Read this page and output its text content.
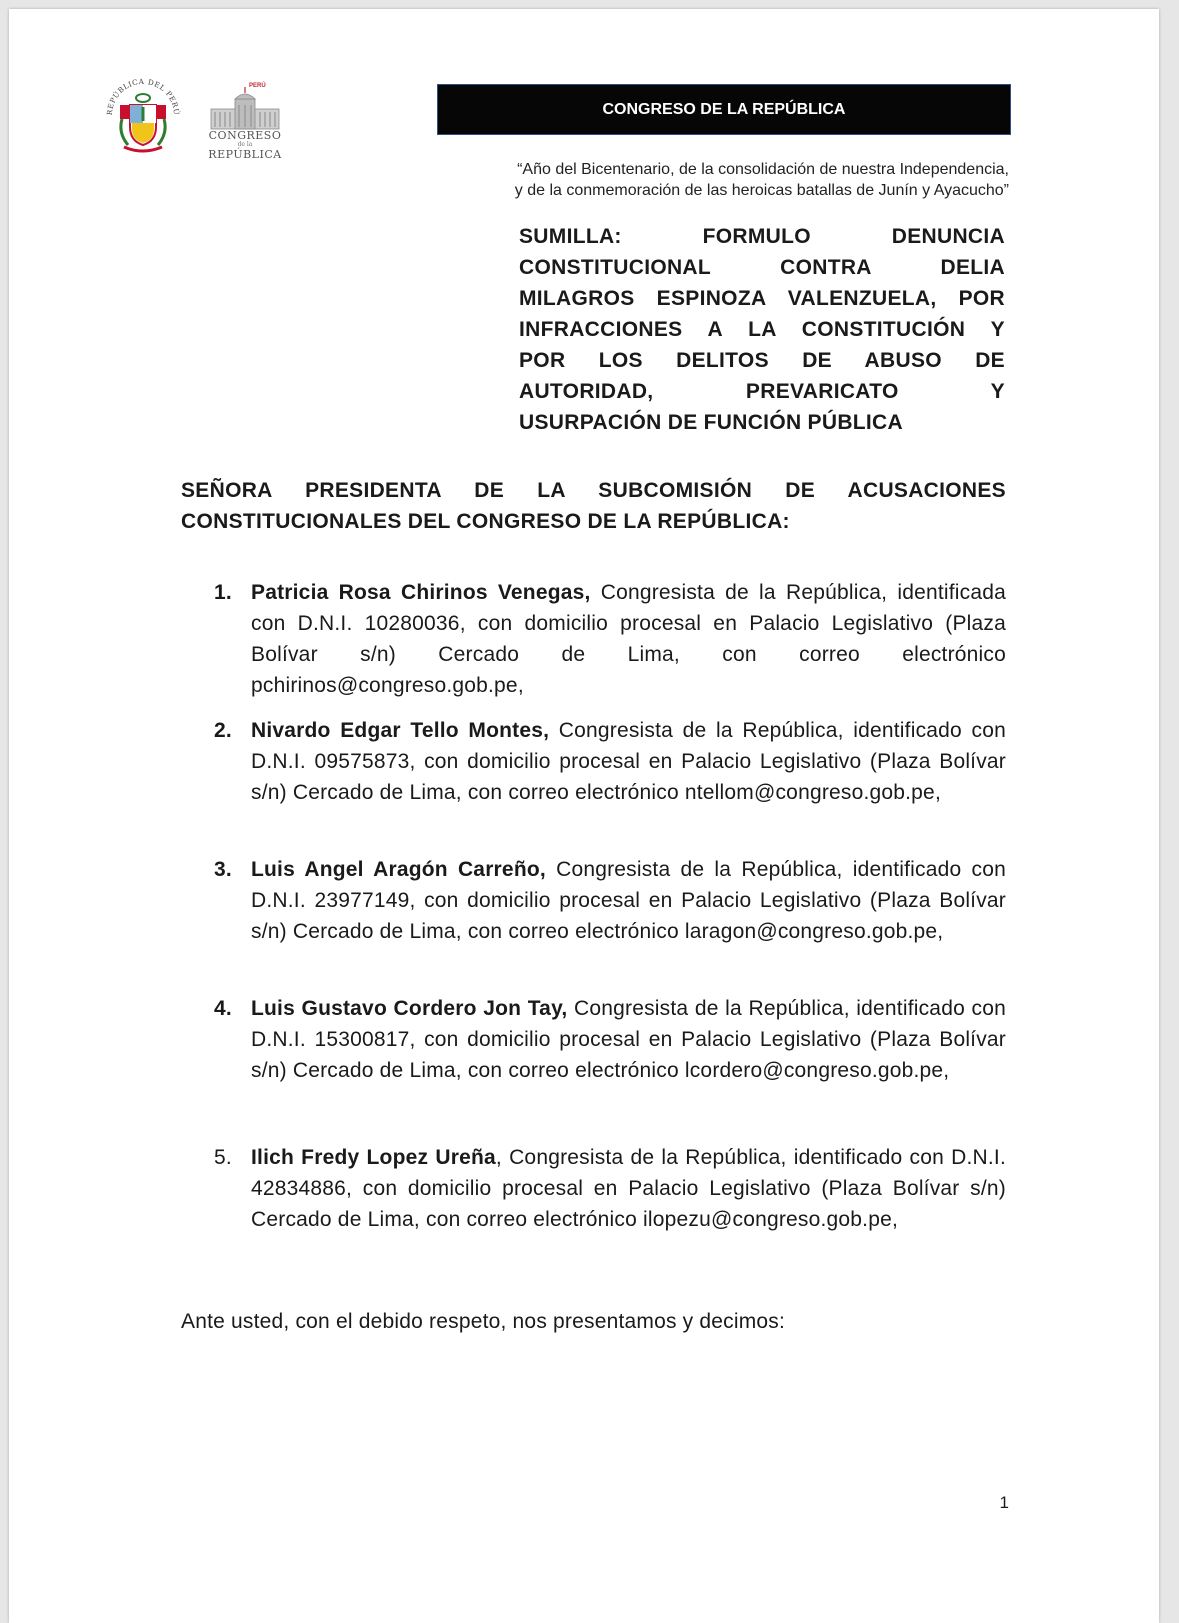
REPÚBLICA DEL PERÚ
PERÚ
CONGRESO
de la
REPÚBLICA
CONGRESO DE LA REPÚBLICA
“Año del Bicentenario, de la consolidación de nuestra Independencia,
y de la conmemoración de las heroicas batallas de Junín y Ayacucho”
SUMILLA: FORMULO DENUNCIA
CONSTITUCIONAL CONTRA DELIA
MILAGROS ESPINOZA VALENZUELA, POR
INFRACCIONES A LA CONSTITUCIÓN Y
POR LOS DELITOS DE ABUSO DE
AUTORIDAD, PREVARICATO Y
USURPACIÓN DE FUNCIÓN PÚBLICA
SEÑORA PRESIDENTA DE LA SUBCOMISIÓN DE ACUSACIONES
CONSTITUCIONALES DEL CONGRESO DE LA REPÚBLICA:
1. Patricia Rosa Chirinos Venegas, Congresista de la República, identificada con D.N.I. 10280036, con domicilio procesal en Palacio Legislativo (Plaza Bolívar s/n) Cercado de Lima, con correo electrónico pchirinos@congreso.gob.pe,
2. Nivardo Edgar Tello Montes, Congresista de la República, identificado con D.N.I. 09575873, con domicilio procesal en Palacio Legislativo (Plaza Bolívar s/n) Cercado de Lima, con correo electrónico ntellom@congreso.gob.pe,
3. Luis Angel Aragón Carreño, Congresista de la República, identificado con D.N.I. 23977149, con domicilio procesal en Palacio Legislativo (Plaza Bolívar s/n) Cercado de Lima, con correo electrónico laragon@congreso.gob.pe,
4. Luis Gustavo Cordero Jon Tay, Congresista de la República, identificado con D.N.I. 15300817, con domicilio procesal en Palacio Legislativo (Plaza Bolívar s/n) Cercado de Lima, con correo electrónico lcordero@congreso.gob.pe,
5. Ilich Fredy Lopez Ureña, Congresista de la República, identificado con D.N.I. 42834886, con domicilio procesal en Palacio Legislativo (Plaza Bolívar s/n) Cercado de Lima, con correo electrónico ilopezu@congreso.gob.pe,
Ante usted, con el debido respeto, nos presentamos y decimos:
1
